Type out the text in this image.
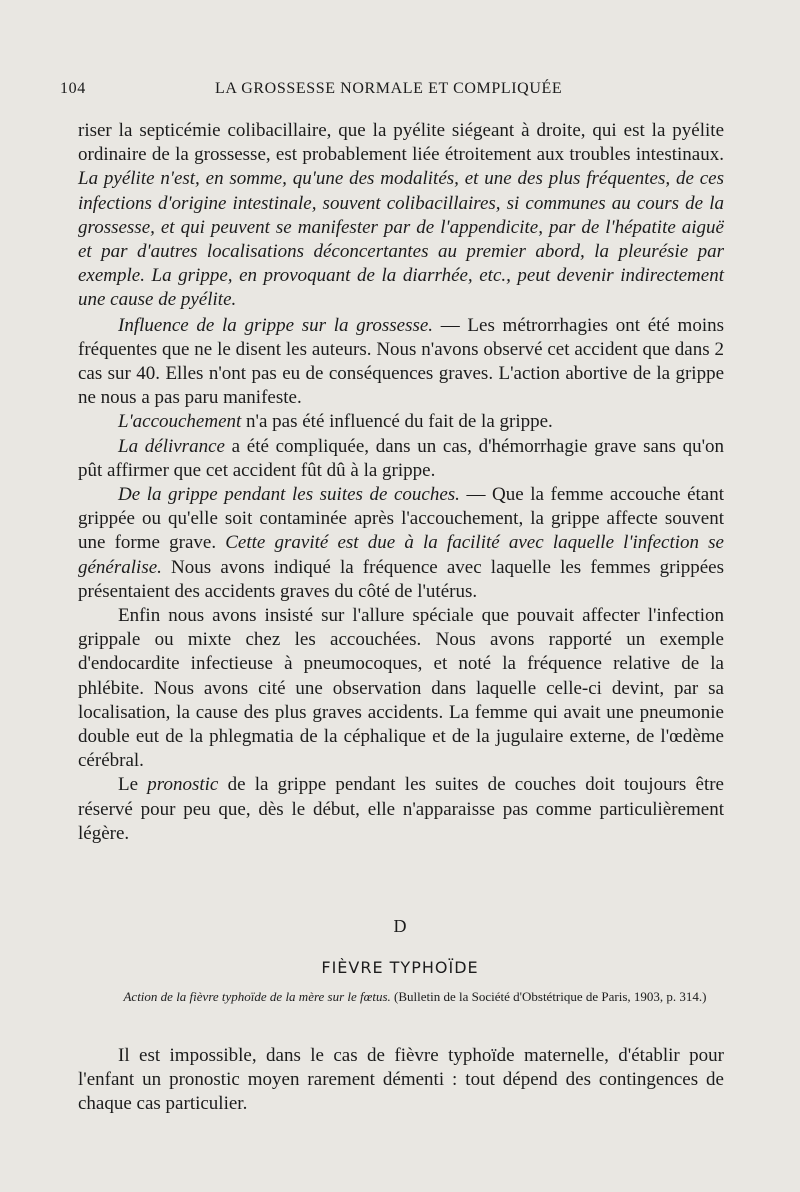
104	LA GROSSESSE NORMALE ET COMPLIQUÉE

riser la septicémie colibacillaire, que la pyélite siégeant à droite, qui est la pyélite ordinaire de la grossesse, est probablement liée étroitement aux troubles intestinaux. La pyélite n'est, en somme, qu'une des modalités, et une des plus fréquentes, de ces infections d'origine intestinale, souvent colibacillaires, si communes au cours de la grossesse, et qui peuvent se manifester par de l'appendicite, par de l'hépatite aiguë et par d'autres localisations déconcertantes au premier abord, la pleurésie par exemple. La grippe, en provoquant de la diarrhée, etc., peut devenir indirectement une cause de pyélite.

Influence de la grippe sur la grossesse. — Les métrorrhagies ont été moins fréquentes que ne le disent les auteurs. Nous n'avons observé cet accident que dans 2 cas sur 40. Elles n'ont pas eu de conséquences graves. L'action abortive de la grippe ne nous a pas paru manifeste.

L'accouchement n'a pas été influencé du fait de la grippe.

La délivrance a été compliquée, dans un cas, d'hémorrhagie grave sans qu'on pût affirmer que cet accident fût dû à la grippe.

De la grippe pendant les suites de couches. — Que la femme accouche étant grippée ou qu'elle soit contaminée après l'accouchement, la grippe affecte souvent une forme grave. Cette gravité est due à la facilité avec laquelle l'infection se généralise. Nous avons indiqué la fréquence avec laquelle les femmes grippées présentaient des accidents graves du côté de l'utérus.

Enfin nous avons insisté sur l'allure spéciale que pouvait affecter l'infection grippale ou mixte chez les accouchées. Nous avons rapporté un exemple d'endocardite infectieuse à pneumocoques, et noté la fréquence relative de la phlébite. Nous avons cité une observation dans laquelle celle-ci devint, par sa localisation, la cause des plus graves accidents. La femme qui avait une pneumonie double eut de la phlegmatia de la céphalique et de la jugulaire externe, de l'œdème cérébral.

Le pronostic de la grippe pendant les suites de couches doit toujours être réservé pour peu que, dès le début, elle n'apparaisse pas comme particulièrement légère.

D
FIÈVRE TYPHOÏDE
Action de la fièvre typhoïde de la mère sur le fœtus. (Bulletin de la Société d'Obstétrique de Paris, 1903, p. 314.)

Il est impossible, dans le cas de fièvre typhoïde maternelle, d'établir pour l'enfant un pronostic moyen rarement démenti : tout dépend des contingences de chaque cas particulier.
